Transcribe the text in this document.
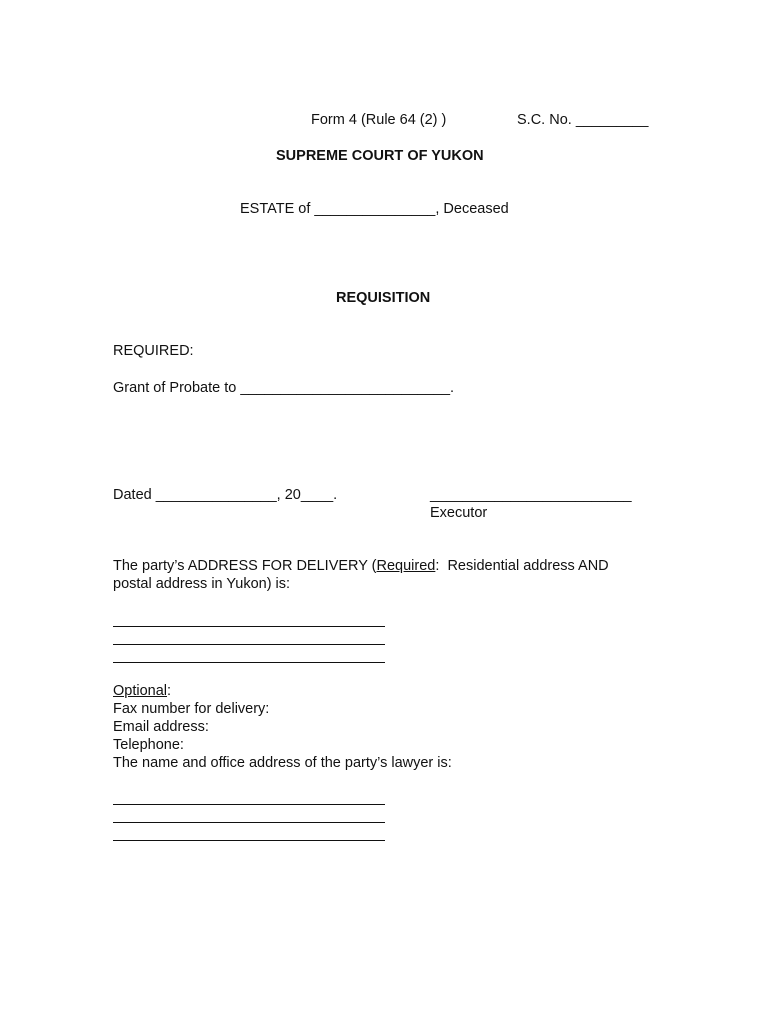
Form 4 (Rule 64 (2) )	S.C. No. _________
SUPREME COURT OF YUKON
ESTATE of _______________, Deceased
REQUISITION
REQUIRED:
Grant of Probate to __________________________.
Dated _______________, 20____.	_________________________
Executor
The party’s ADDRESS FOR DELIVERY (Required:  Residential address AND
postal address in Yukon) is:
Optional:
Fax number for delivery:
Email address:
Telephone:
The name and office address of the party’s lawyer is:
